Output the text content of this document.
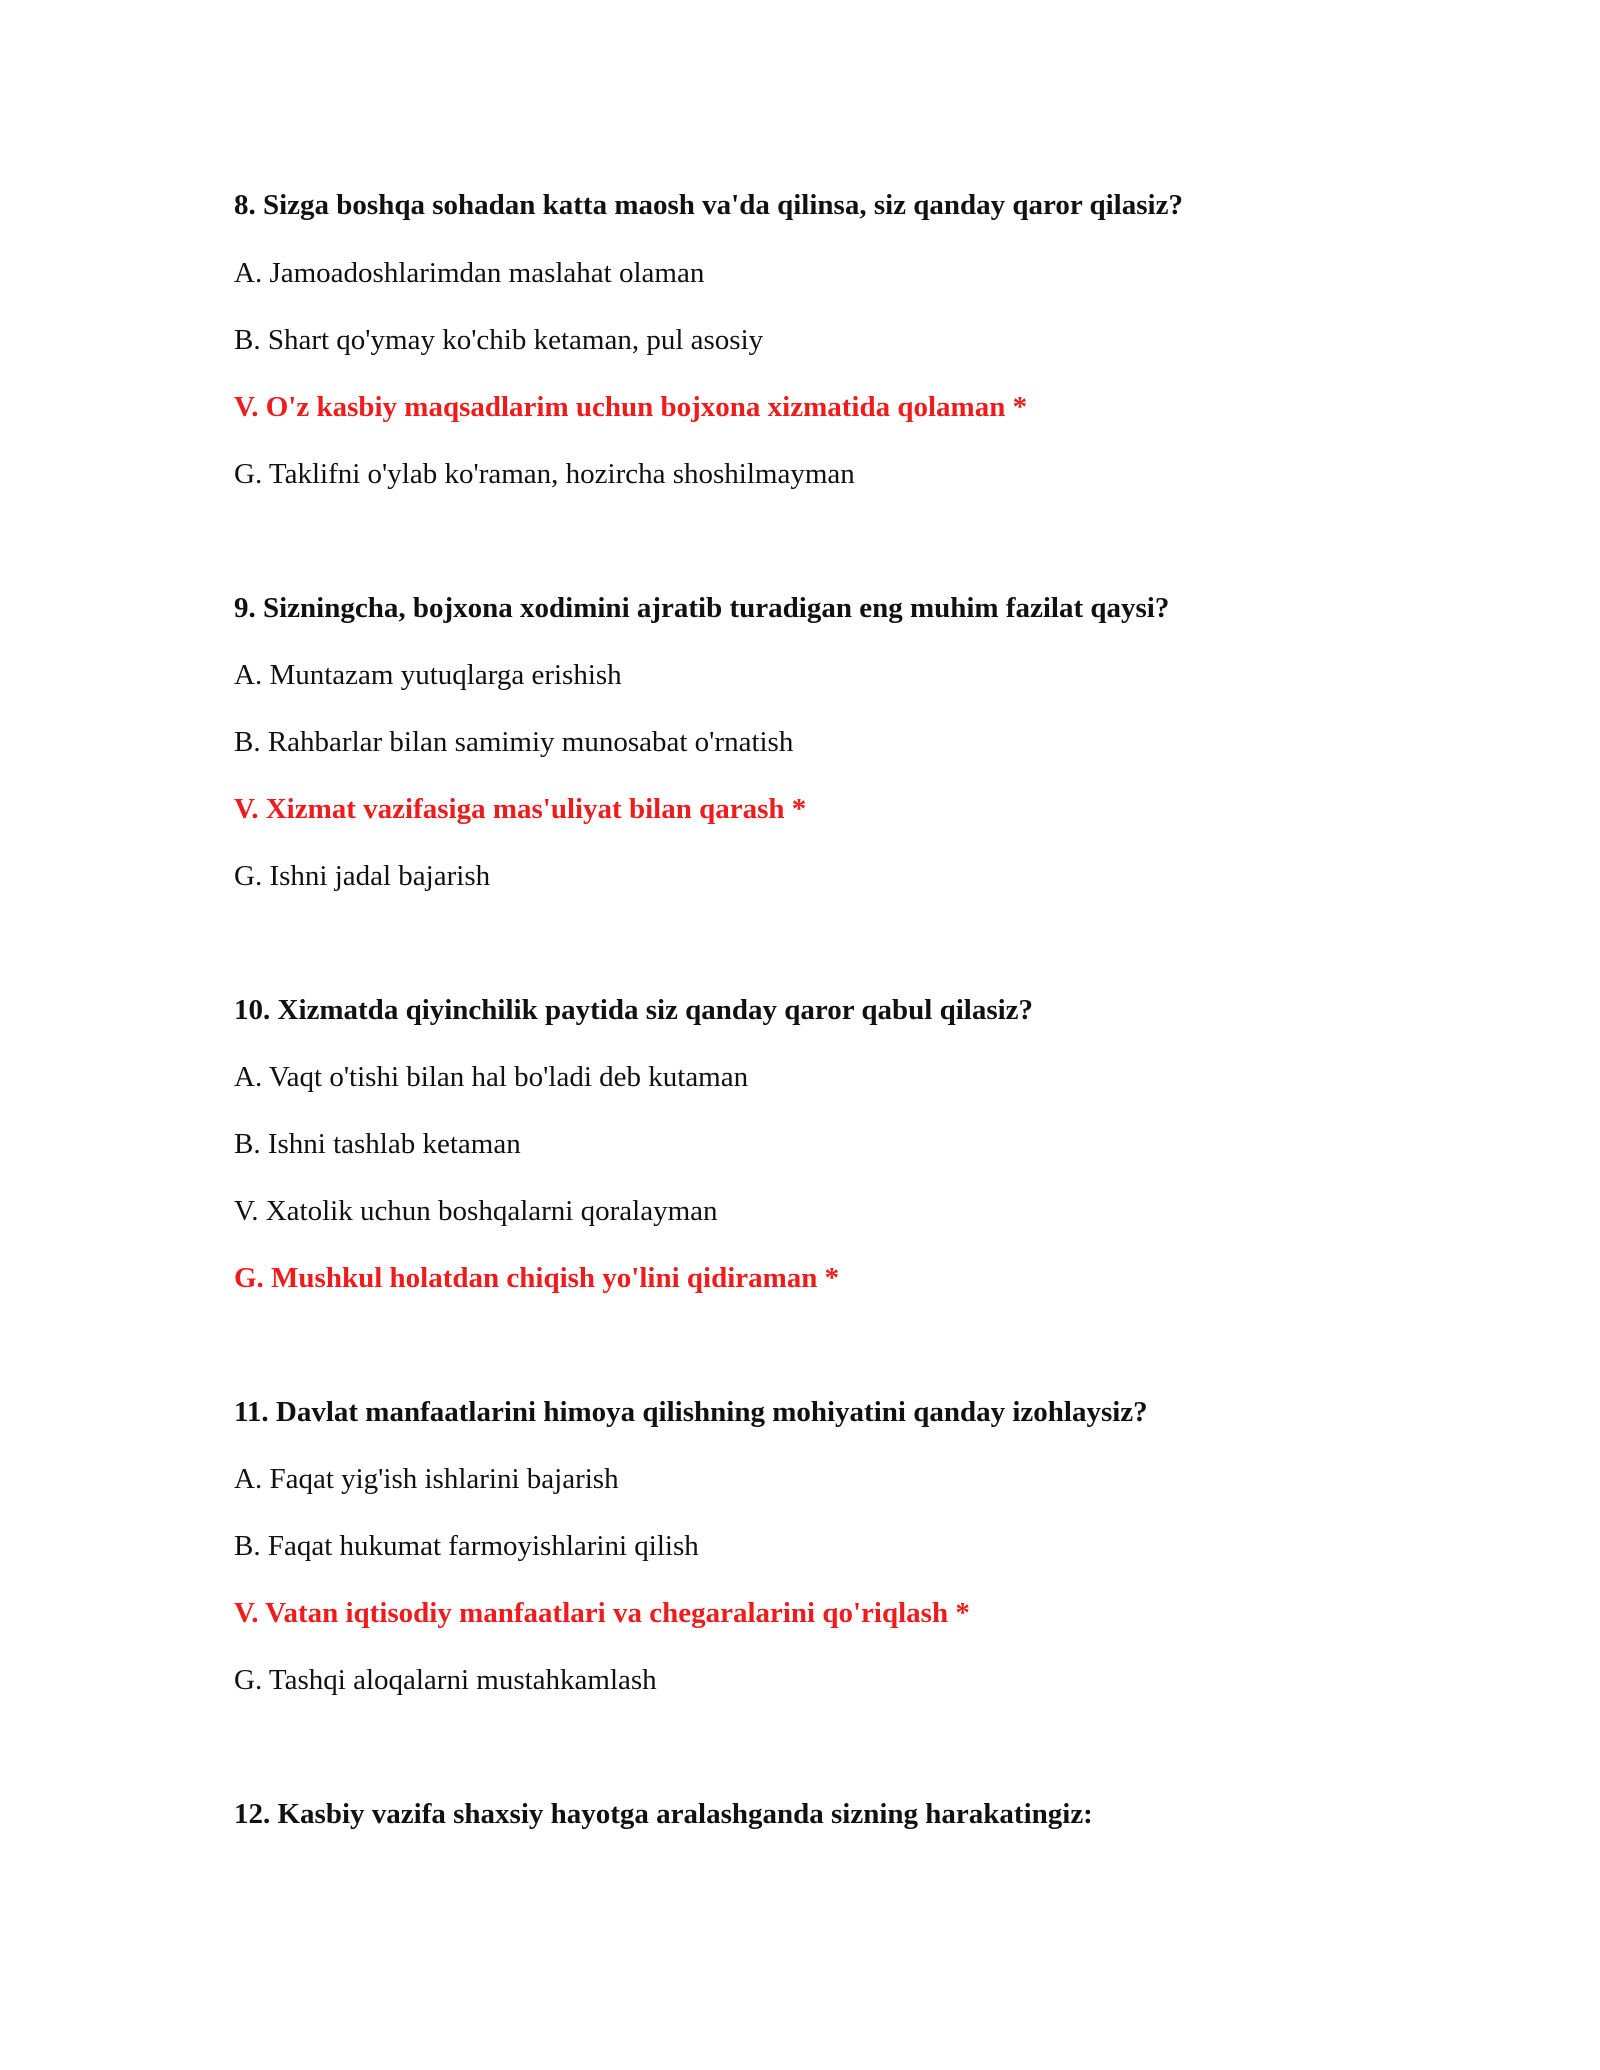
8. Sizga boshqa sohadan katta maosh va'da qilinsa, siz qanday qaror qilasiz?

A. Jamoadoshlarimdan maslahat olaman

B. Shart qo'ymay ko'chib ketaman, pul asosiy

V. O'z kasbiy maqsadlarim uchun bojxona xizmatida qolaman *

G. Taklifni o'ylab ko'raman, hozircha shoshilmayman

9. Sizningcha, bojxona xodimini ajratib turadigan eng muhim fazilat qaysi?

A. Muntazam yutuqlarga erishish

B. Rahbarlar bilan samimiy munosabat o'rnatish

V. Xizmat vazifasiga mas'uliyat bilan qarash *

G. Ishni jadal bajarish

10. Xizmatda qiyinchilik paytida siz qanday qaror qabul qilasiz?

A. Vaqt o'tishi bilan hal bo'ladi deb kutaman

B. Ishni tashlab ketaman

V. Xatolik uchun boshqalarni qoralayman

G. Mushkul holatdan chiqish yo'lini qidiraman *

11. Davlat manfaatlarini himoya qilishning mohiyatini qanday izohlaysiz?

A. Faqat yig'ish ishlarini bajarish

B. Faqat hukumat farmoyishlarini qilish

V. Vatan iqtisodiy manfaatlari va chegaralarini qo'riqlash *

G. Tashqi aloqalarni mustahkamlash

12. Kasbiy vazifa shaxsiy hayotga aralashganda sizning harakatingiz:
